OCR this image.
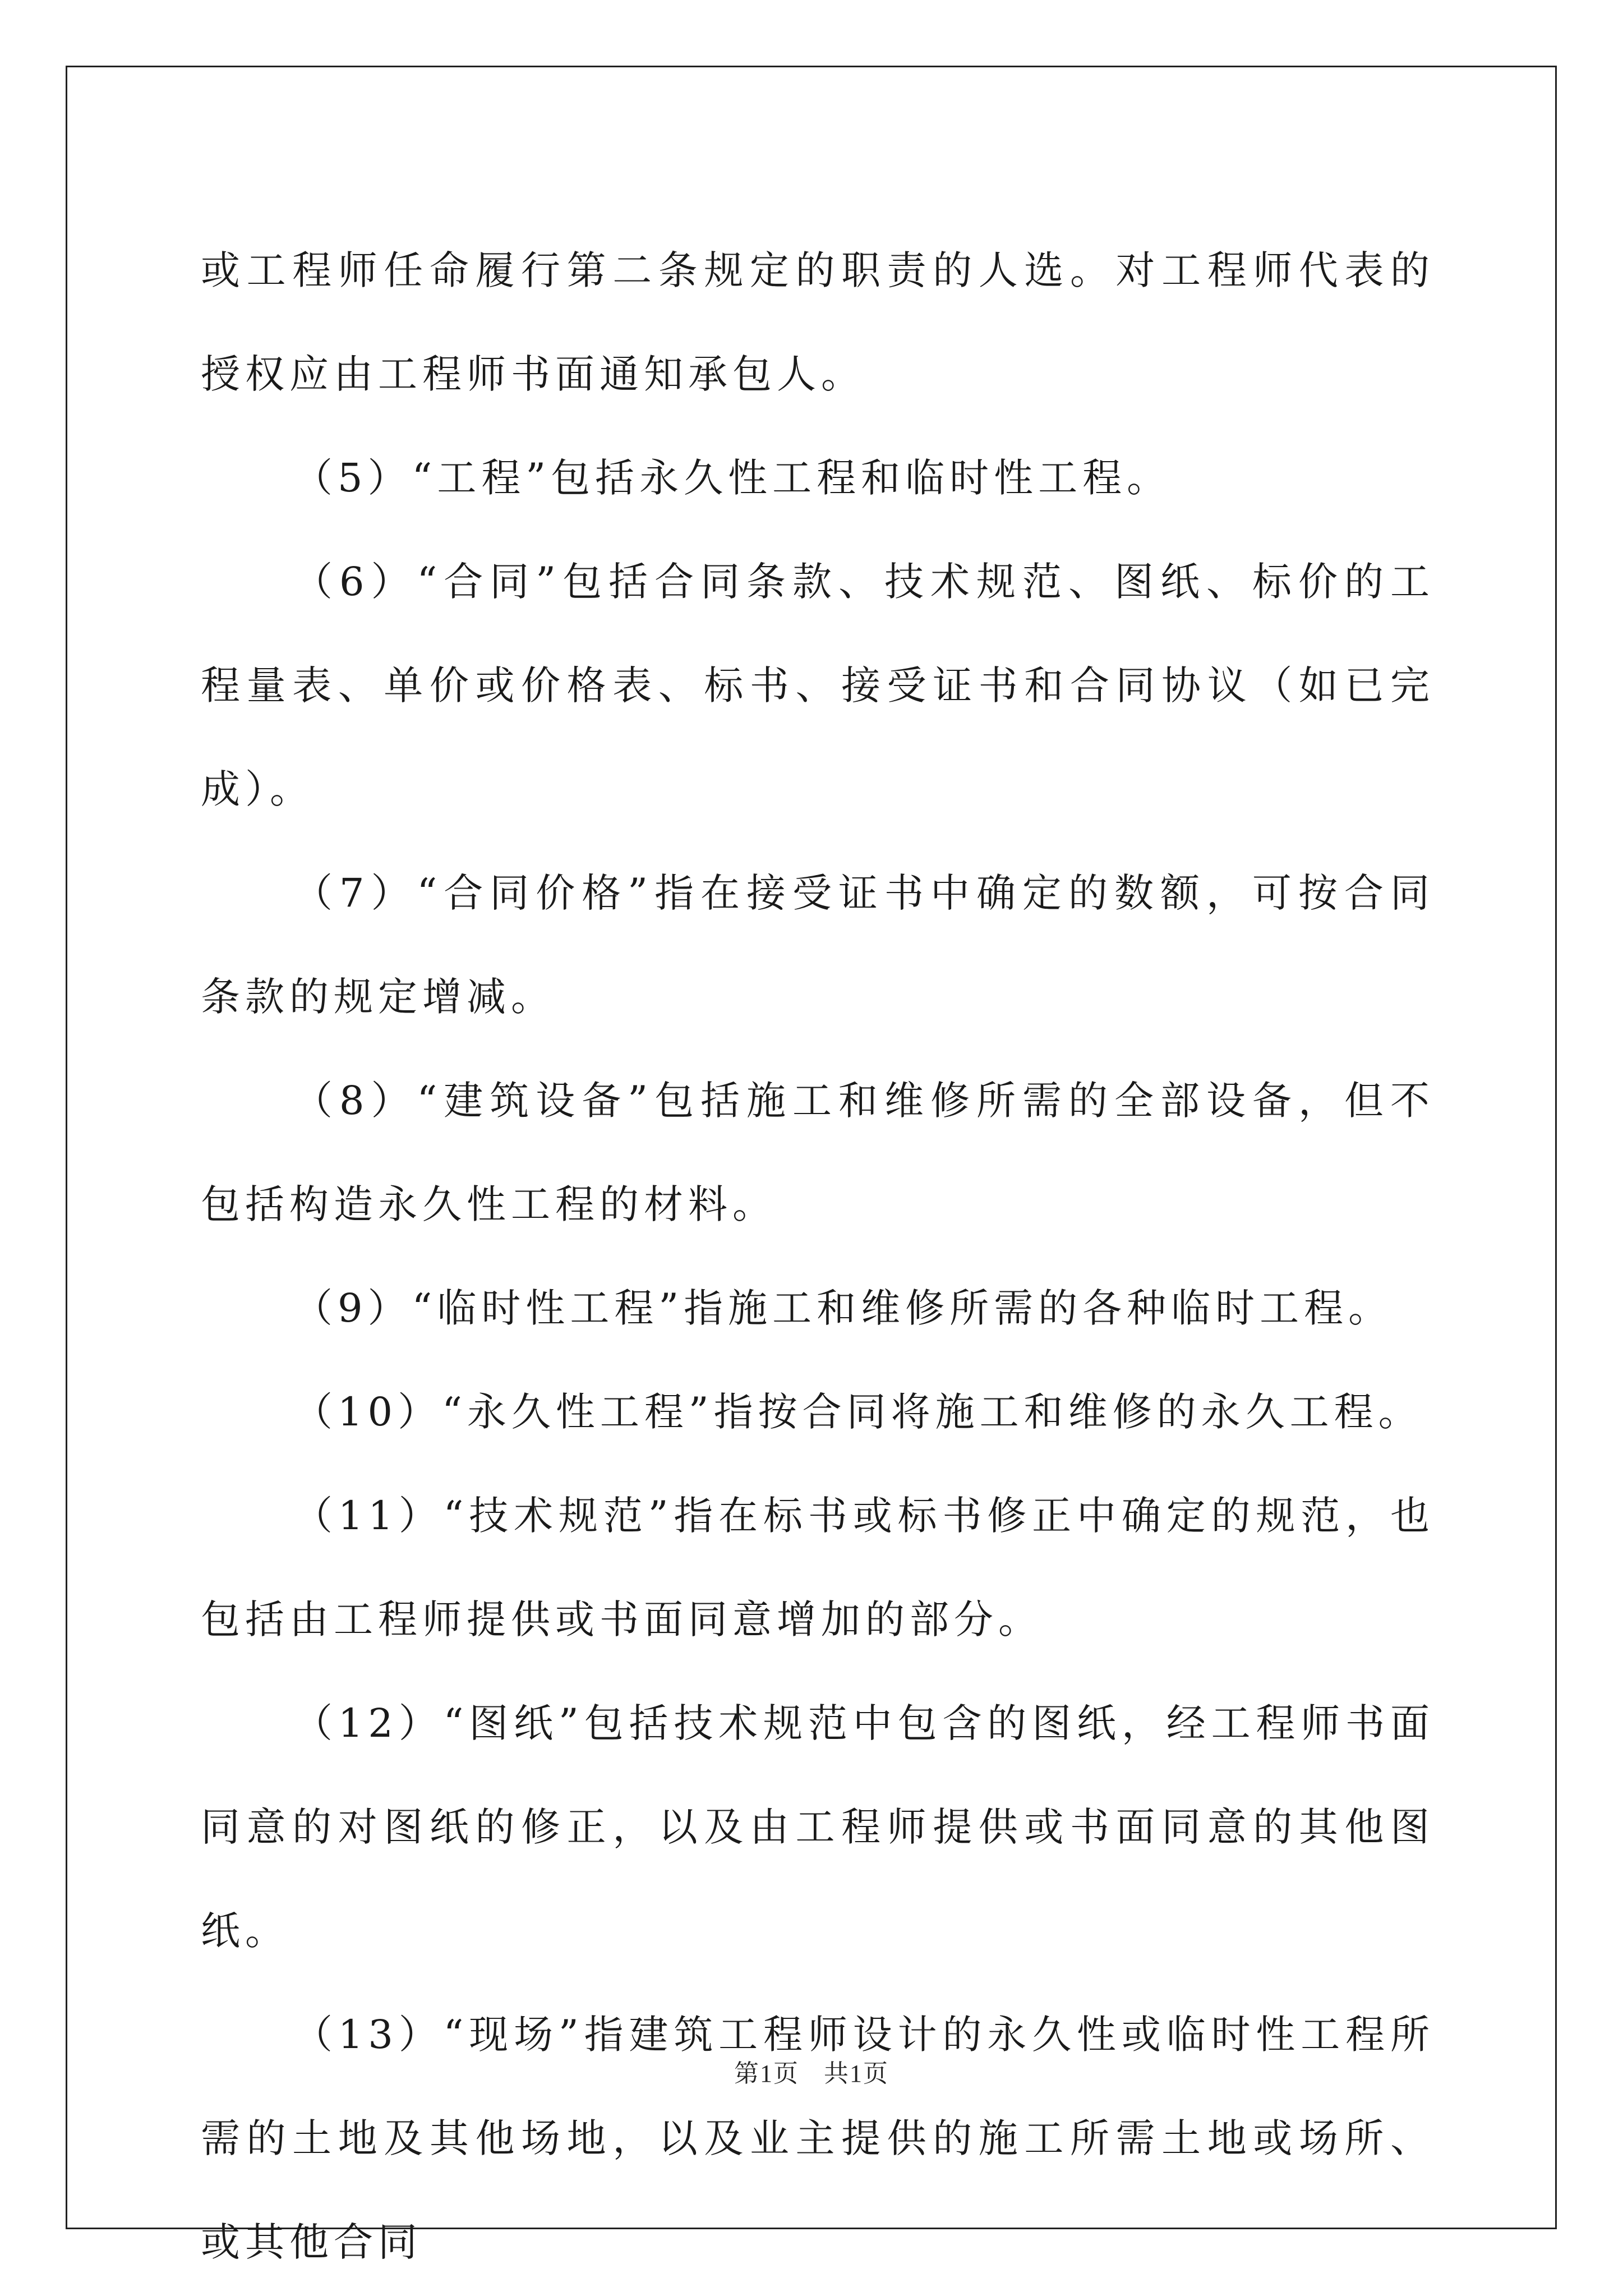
或工程师任命履行第二条规定的职责的人选。对工程师代表的授权应由工程师书面通知承包人。

（5）“工程”包括永久性工程和临时性工程。

（6）“合同”包括合同条款、技术规范、图纸、标价的工程量表、单价或价格表、标书、接受证书和合同协议（如已完成）。

（7）“合同价格”指在接受证书中确定的数额，可按合同条款的规定增减。

（8）“建筑设备”包括施工和维修所需的全部设备，但不包括构造永久性工程的材料。

（9）“临时性工程”指施工和维修所需的各种临时工程。

（10）“永久性工程”指按合同将施工和维修的永久工程。

（11）“技术规范”指在标书或标书修正中确定的规范，也包括由工程师提供或书面同意增加的部分。

（12）“图纸”包括技术规范中包含的图纸，经工程师书面同意的对图纸的修正，以及由工程师提供或书面同意的其他图纸。

（13）“现场”指建筑工程师设计的永久性或临时性工程所需的土地及其他场地，以及业主提供的施工所需土地或场所、或其他合同

第1页 共1页
